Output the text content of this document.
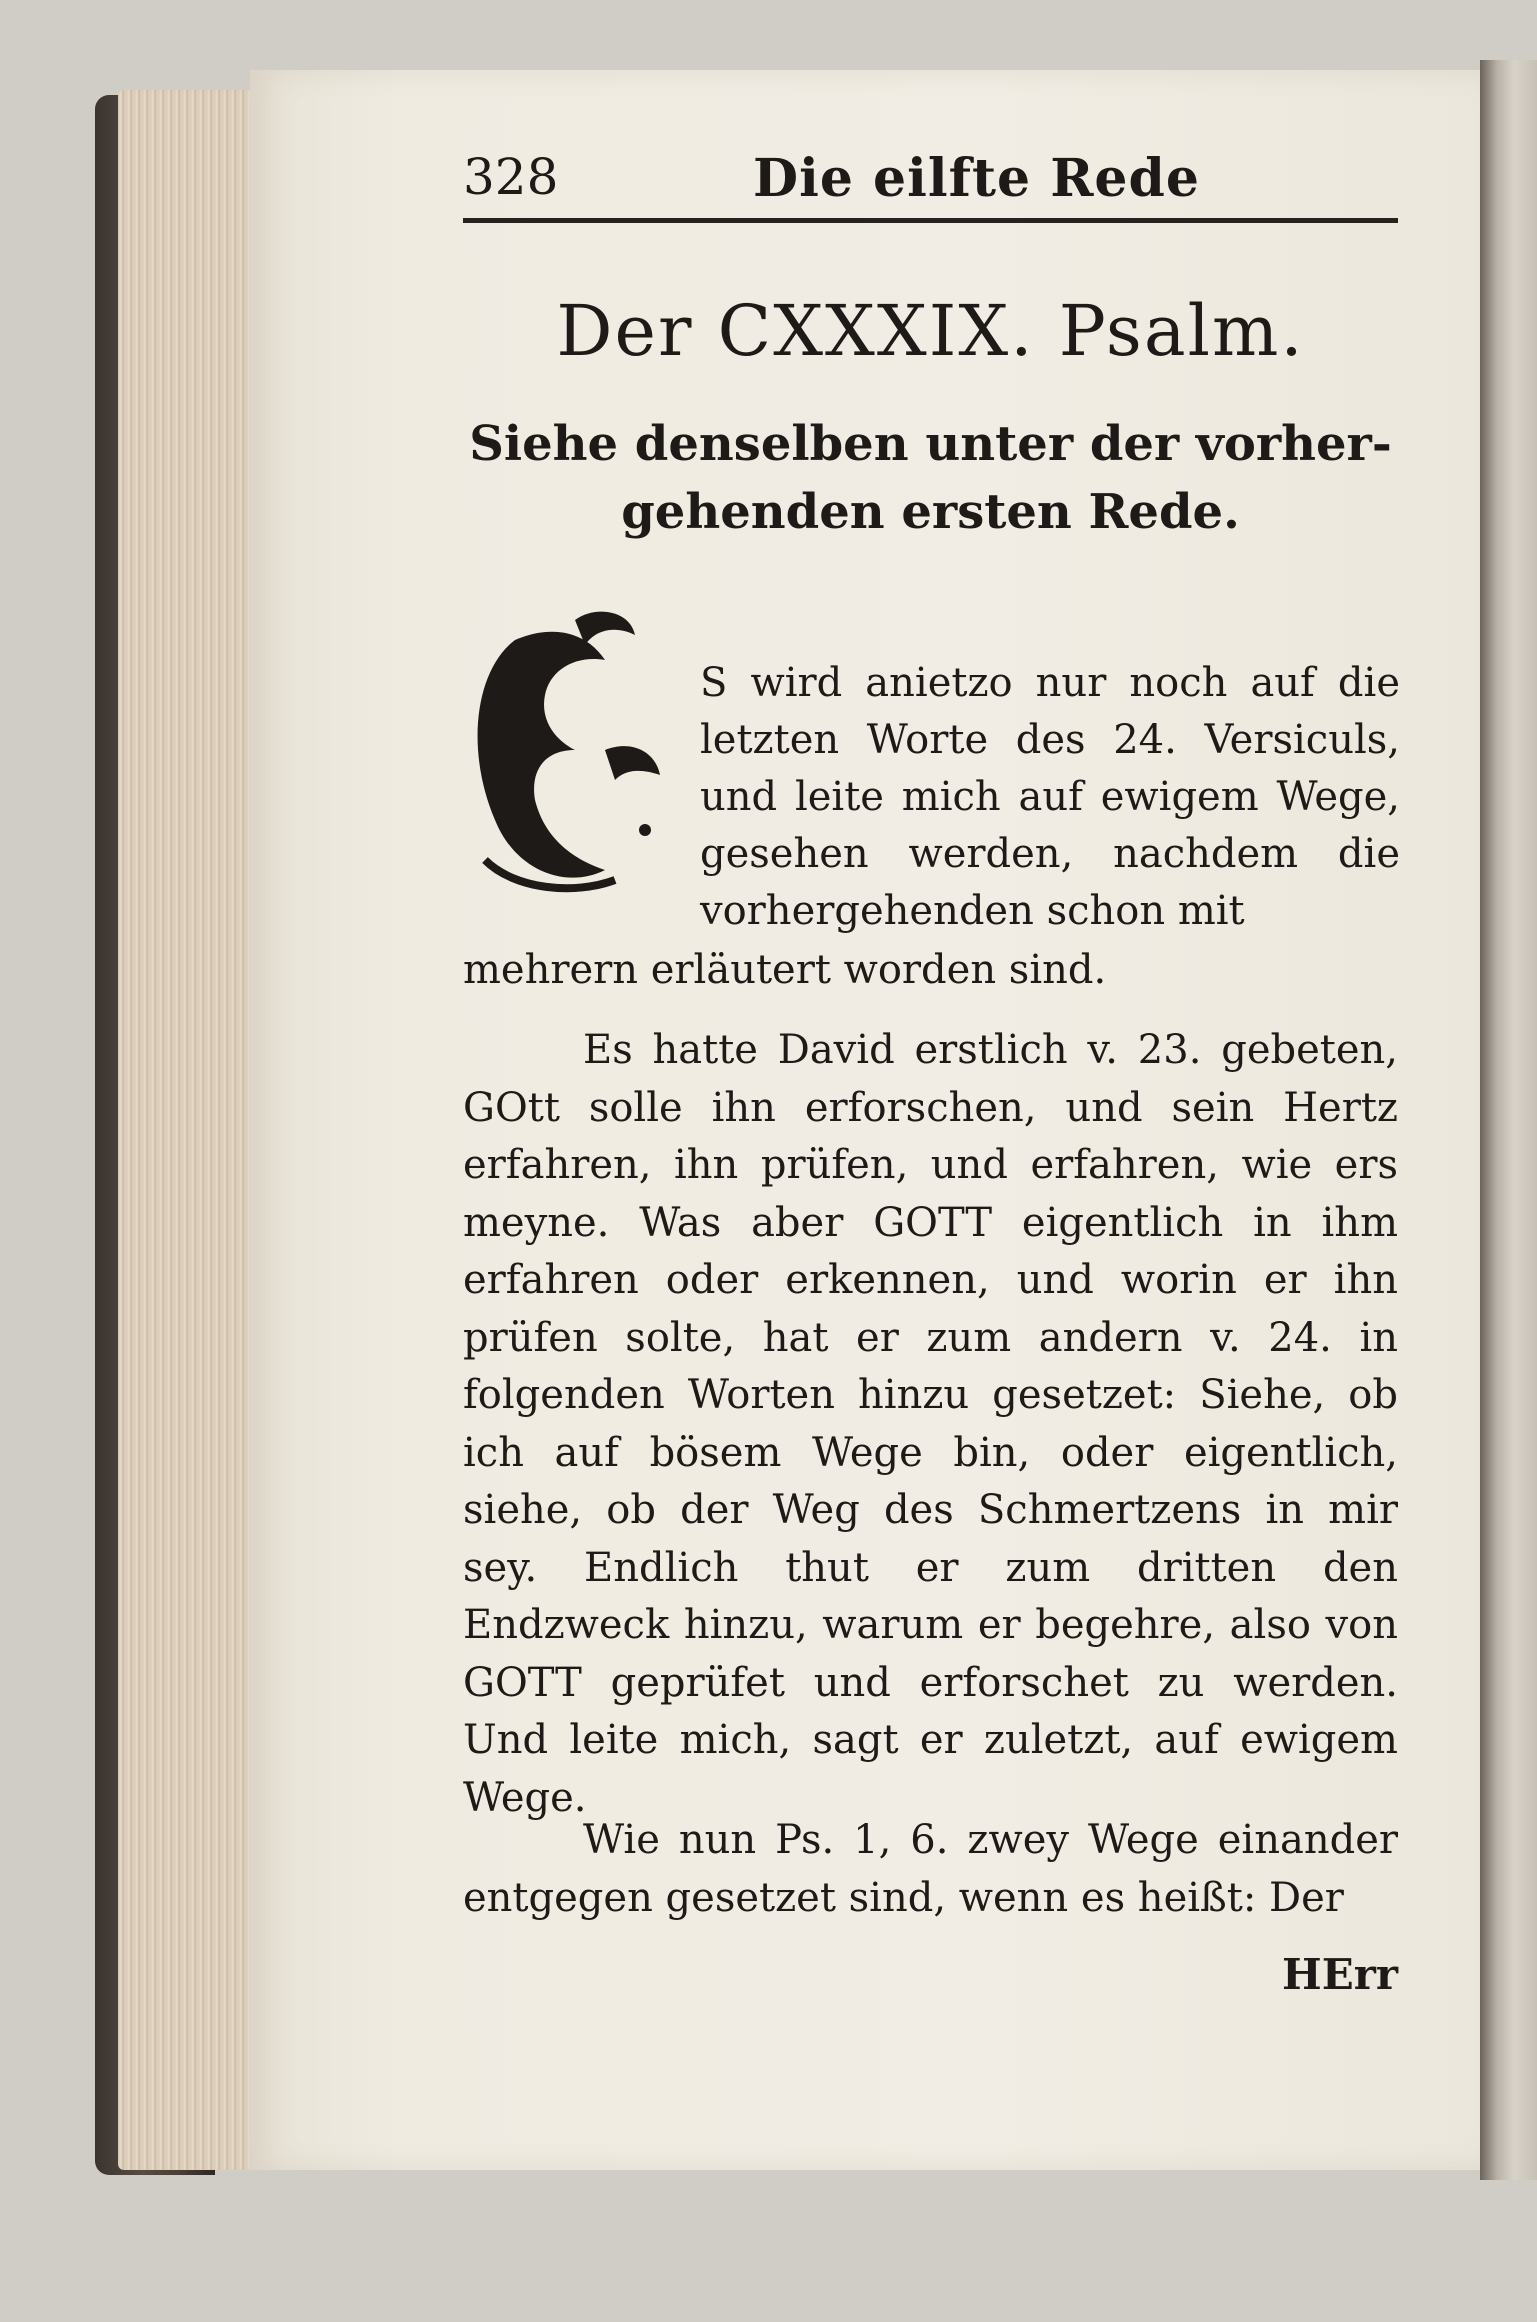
328	Die eilfte Rede
Der CXXXIX. Psalm.
Siehe denselben unter der vorher-gehenden ersten Rede.
S wird anietzo nur noch auf die letzten Worte des 24. Versiculs, und leite mich auf ewigem Wege, gesehen werden, nachdem die vorhergehenden schon mit
mehrern erläutert worden sind.
Es hatte David erstlich v. 23. gebeten, GOtt solle ihn erforschen, und sein Hertz erfahren, ihn prüfen, und erfahren, wie ers meyne. Was aber GOTT eigentlich in ihm erfahren oder erkennen, und worin er ihn prüfen solte, hat er zum andern v. 24. in folgenden Worten hinzu gesetzet: Siehe, ob ich auf bösem Wege bin, oder eigentlich, siehe, ob der Weg des Schmertzens in mir sey. Endlich thut er zum dritten den Endzweck hinzu, warum er begehre, also von GOTT geprüfet und erforschet zu werden. Und leite mich, sagt er zuletzt, auf ewigem Wege.
Wie nun Ps. 1, 6. zwey Wege einander entgegen gesetzet sind, wenn es heißt: Der
HErr
